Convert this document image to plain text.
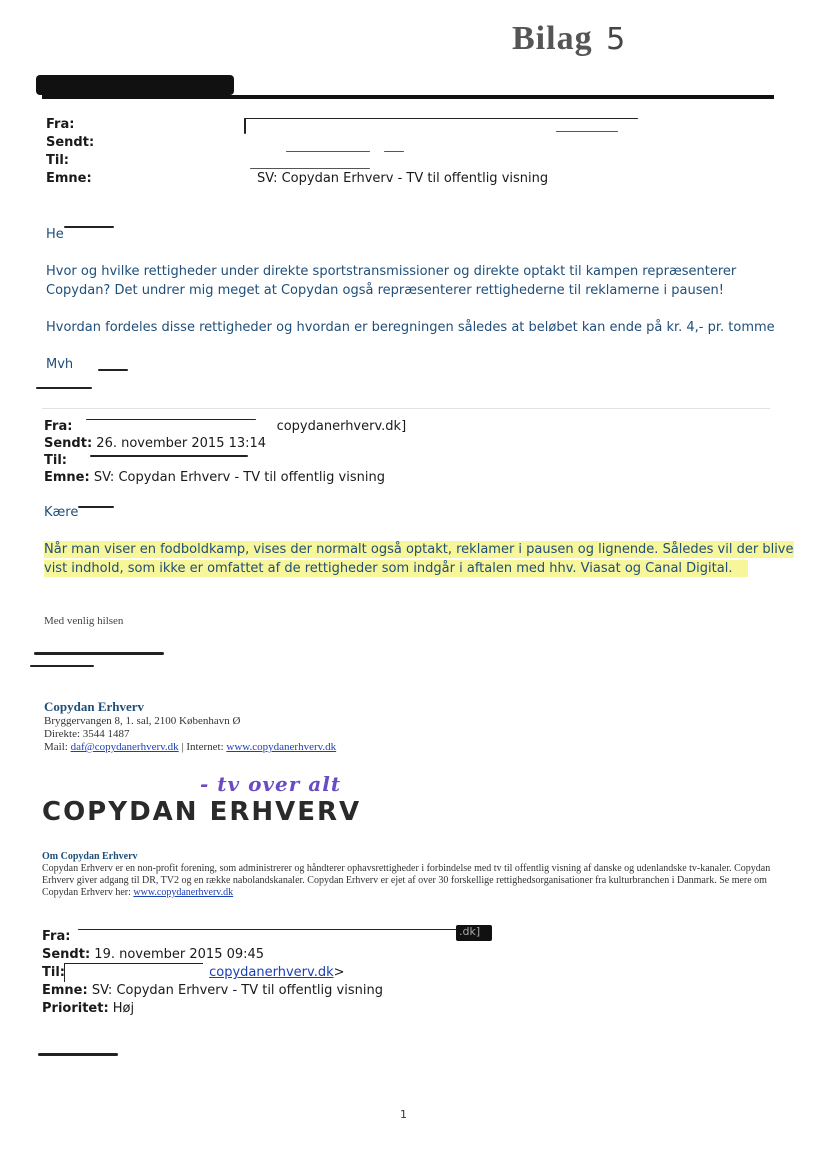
Bilag 5
Fra:
Sendt:
Til:
Emne:	SV: Copydan Erhverv - TV til offentlig visning
He
Hvor og hvilke rettigheder under direkte sportstransmissioner og direkte optakt til kampen repræsenterer Copydan? Det undrer mig meget at Copydan også repræsenterer rettighederne til reklamerne i pausen!
Hvordan fordeles disse rettigheder og hvordan er beregningen således at beløbet kan ende på kr. 4,- pr. tomme
Mvh
Fra:	copydanerhverv.dk]
Sendt: 26. november 2015 13:14
Til:
Emne: SV: Copydan Erhverv - TV til offentlig visning
Kære
Når man viser en fodboldkamp, vises der normalt også optakt, reklamer i pausen og lignende. Således vil der blive
vist indhold, som ikke er omfattet af de rettigheder som indgår i aftalen med hhv. Viasat og Canal Digital.
Med venlig hilsen
Copydan Erhverv
Bryggervangen 8, 1. sal, 2100 København Ø
Direkte: 3544 1487
Mail: daf@copydanerhverv.dk | Internet: www.copydanerhverv.dk
- tv over alt
COPYDAN ERHVERV
Om Copydan Erhverv
Copydan Erhverv er en non-profit forening, som administrerer og håndterer ophavsrettigheder i forbindelse med tv til offentlig visning af danske og udenlandske tv-kanaler. Copydan Erhverv giver adgang til DR, TV2 og en række nabolandskanaler. Copydan Erhverv er ejet af over 30 forskellige rettighedsorganisationer fra kulturbranchen i Danmark. Se mere om Copydan Erhverv her: www.copydanerhverv.dk
Fra:
Sendt: 19. november 2015 09:45
Til:	copydanerhverv.dk>
Emne: SV: Copydan Erhverv - TV til offentlig visning
Prioritet: Høj
.dk]
1
